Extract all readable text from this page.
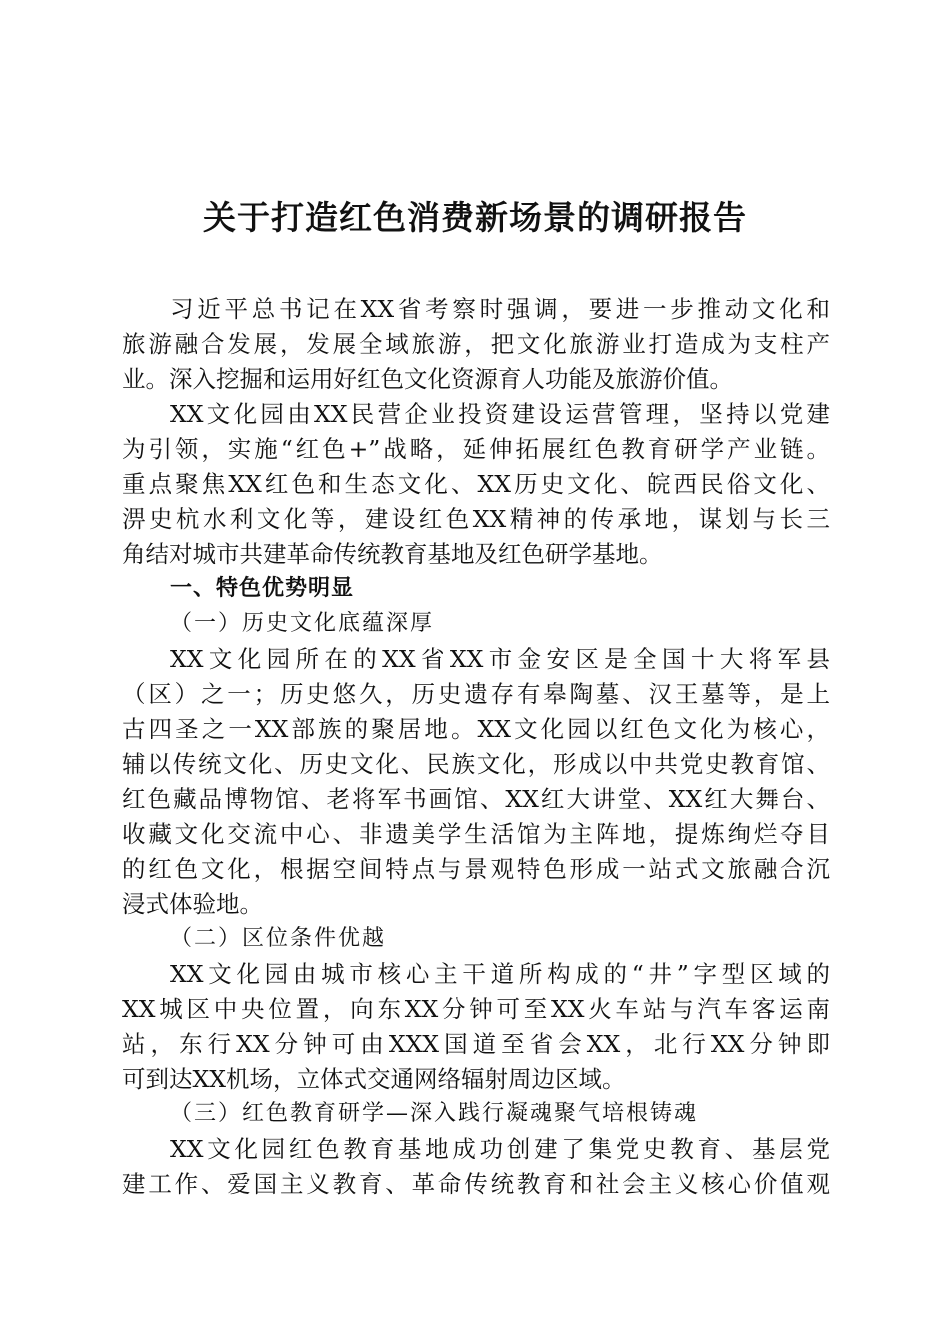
关于打造红色消费新场景的调研报告
习近平总书记在XX省考察时强调，要进一步推动文化和
旅游融合发展，发展全域旅游，把文化旅游业打造成为支柱产
业。深入挖掘和运用好红色文化资源育人功能及旅游价值。
XX文化园由XX民营企业投资建设运营管理，坚持以党建
为引领，实施“红色+”战略，延伸拓展红色教育研学产业链。
重点聚焦XX红色和生态文化、XX历史文化、皖西民俗文化、
淠史杭水利文化等，建设红色XX精神的传承地，谋划与长三
角结对城市共建革命传统教育基地及红色研学基地。
一、特色优势明显
（一）历史文化底蕴深厚
XX文化园所在的XX省XX市金安区是全国十大将军县
（区）之一；历史悠久，历史遗存有皋陶墓、汉王墓等，是上
古四圣之一XX部族的聚居地。XX文化园以红色文化为核心，
辅以传统文化、历史文化、民族文化，形成以中共党史教育馆、
红色藏品博物馆、老将军书画馆、XX红大讲堂、XX红大舞台、
收藏文化交流中心、非遗美学生活馆为主阵地，提炼绚烂夺目
的红色文化，根据空间特点与景观特色形成一站式文旅融合沉
浸式体验地。
（二）区位条件优越
XX文化园由城市核心主干道所构成的“井”字型区域的
XX城区中央位置，向东XX分钟可至XX火车站与汽车客运南
站，东行XX分钟可由XXX国道至省会XX，北行XX分钟即
可到达XX机场，立体式交通网络辐射周边区域。
（三）红色教育研学—深入践行凝魂聚气培根铸魂
XX文化园红色教育基地成功创建了集党史教育、基层党
建工作、爱国主义教育、革命传统教育和社会主义核心价值观
